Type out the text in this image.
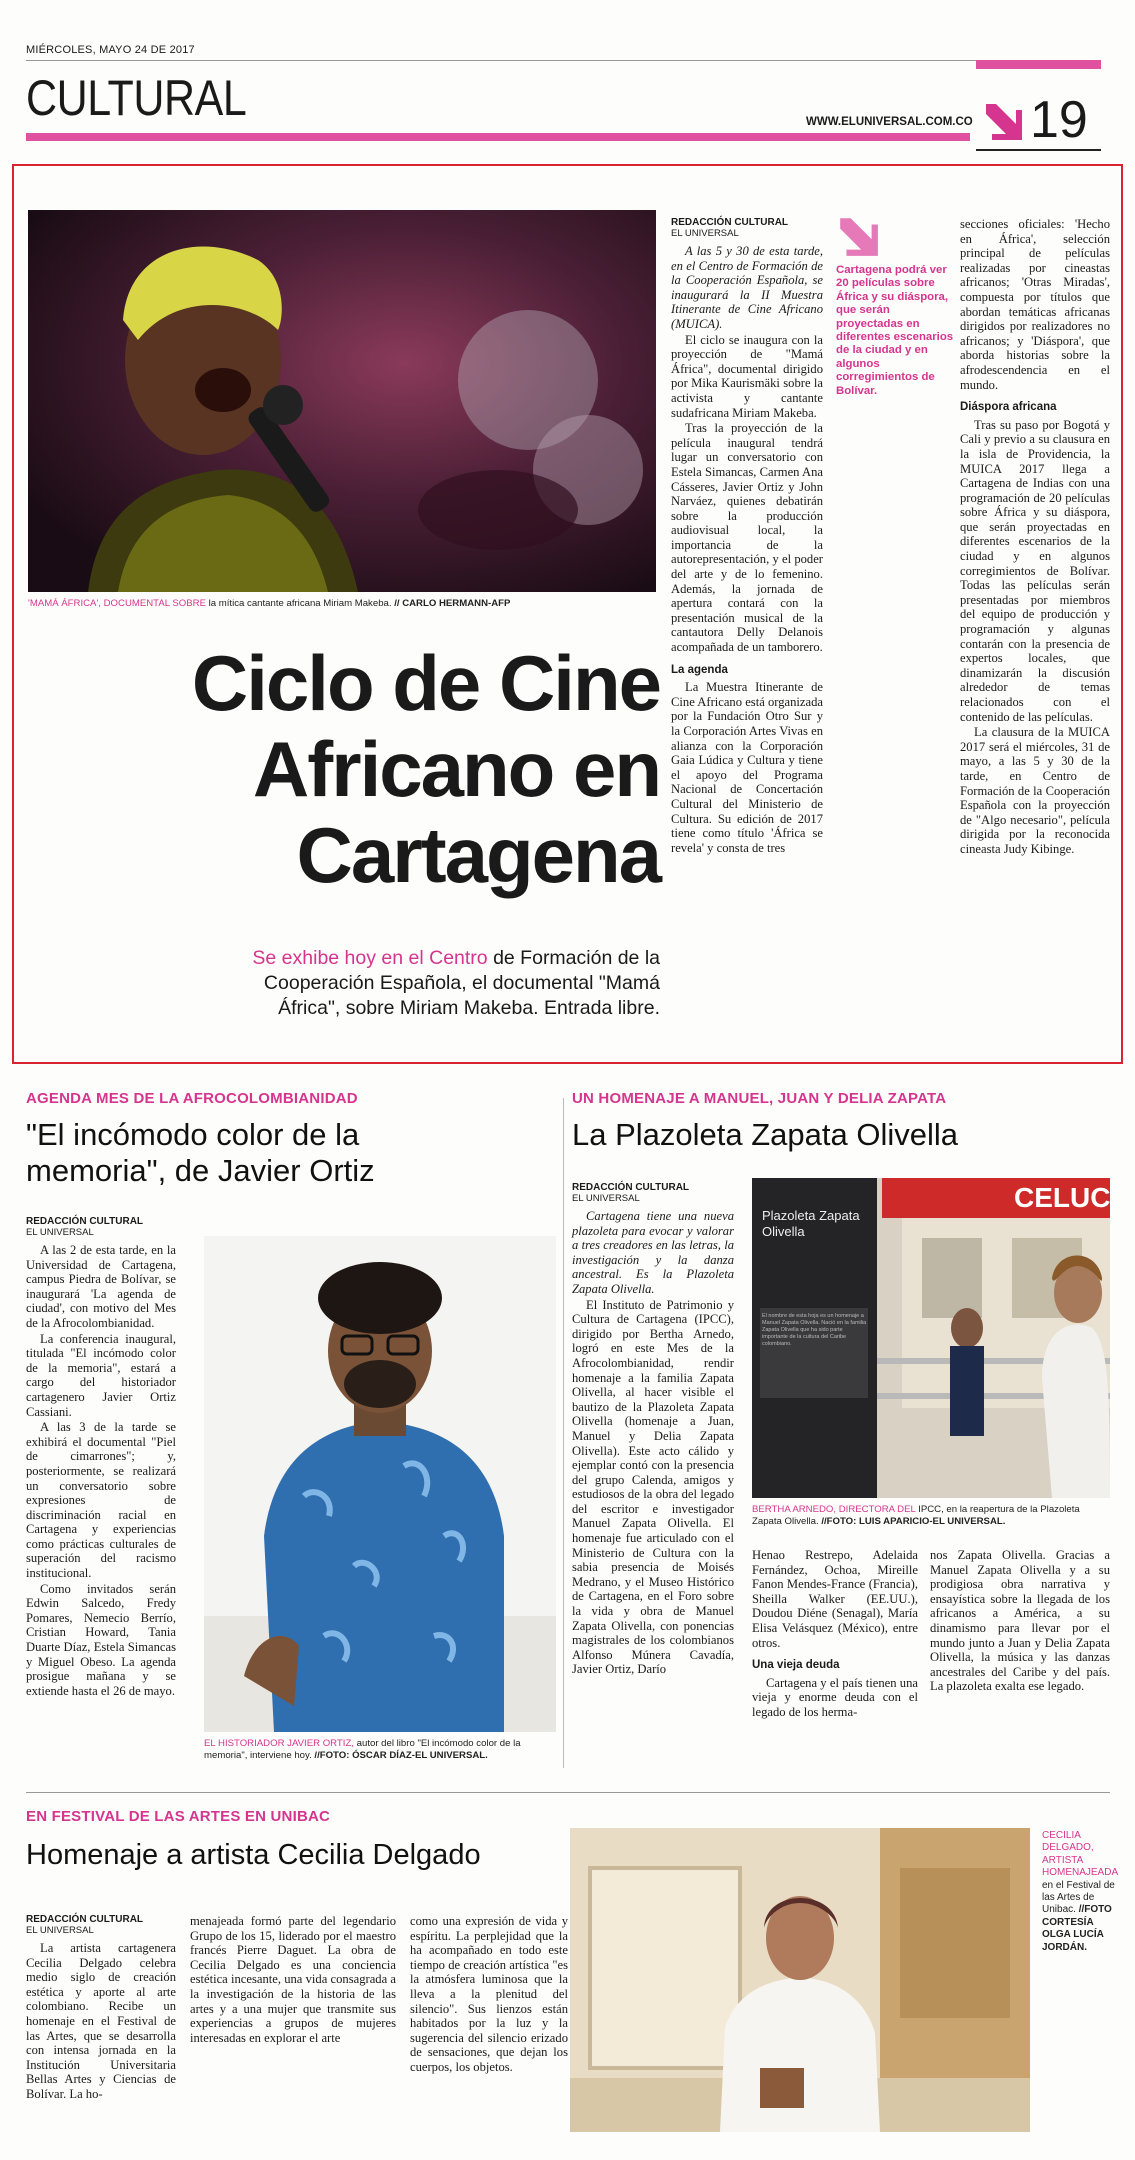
MIÉRCOLES, MAYO 24 DE 2017
CULTURAL	WWW.ELUNIVERSAL.COM.CO 19
'MAMÁ ÁFRICA', DOCUMENTAL SOBRE la mítica cantante africana Miriam Makeba. // CARLO HERMANN-AFP
Ciclo de Cine
Africano en
Cartagena
Se exhibe hoy en el Centro de Formación de la Cooperación Española, el documental "Mamá África", sobre Miriam Makeba. Entrada libre.
REDACCIÓN CULTURAL
EL UNIVERSAL

A las 5 y 30 de esta tarde, en el Centro de Formación de la Cooperación Española, se inaugurará la II Muestra Itinerante de Cine Africano (MUICA).

El ciclo se inaugura con la proyección de "Mamá África", documental dirigido por Mika Kaurismäki sobre la activista y cantante sudafricana Miriam Makeba.

Tras la proyección de la película inaugural tendrá lugar un conversatorio con Estela Simancas, Carmen Ana Cásseres, Javier Ortiz y John Narváez, quienes debatirán sobre la producción audiovisual local, la importancia de la autorepresentación, y el poder del arte y de lo femenino. Además, la jornada de apertura contará con la presentación musical de la cantautora Delly Delanois acompañada de un tamborero.

La agenda

La Muestra Itinerante de Cine Africano está organizada por la Fundación Otro Sur y la Corporación Artes Vivas en alianza con la Corporación Gaia Lúdica y Cultura y tiene el apoyo del Programa Nacional de Concertación Cultural del Ministerio de Cultura. Su edición de 2017 tiene como título 'África se revela' y consta de tres

Cartagena podrá ver 20 películas sobre África y su diáspora, que serán proyectadas en diferentes escenarios de la ciudad y en algunos corregimientos de Bolívar.

secciones oficiales: 'Hecho en África', selección principal de películas realizadas por cineastas africanos; 'Otras Miradas', compuesta por títulos que abordan temáticas africanas dirigidos por realizadores no africanos; y 'Diáspora', que aborda historias sobre la afrodescendencia en el mundo.

Diáspora africana

Tras su paso por Bogotá y Cali y previo a su clausura en la isla de Providencia, la MUICA 2017 llega a Cartagena de Indias con una programación de 20 películas sobre África y su diáspora, que serán proyectadas en diferentes escenarios de la ciudad y en algunos corregimientos de Bolívar. Todas las películas serán presentadas por miembros del equipo de producción y programación y algunas contarán con la presencia de expertos locales, que dinamizarán la discusión alrededor de temas relacionados con el contenido de las películas.

La clausura de la MUICA 2017 será el miércoles, 31 de mayo, a las 5 y 30 de la tarde, en Centro de Formación de la Cooperación Española con la proyección de "Algo necesario", película dirigida por la reconocida cineasta Judy Kibinge.

AGENDA MES DE LA AFROCOLOMBIANIDAD
"El incómodo color de la memoria", de Javier Ortiz
REDACCIÓN CULTURAL
EL UNIVERSAL

A las 2 de esta tarde, en la Universidad de Cartagena, campus Piedra de Bolívar, se inaugurará 'La agenda de ciudad', con motivo del Mes de la Afrocolombianidad.

La conferencia inaugural, titulada "El incómodo color de la memoria", estará a cargo del historiador cartagenero Javier Ortiz Cassiani.

A las 3 de la tarde se exhibirá el documental "Piel de cimarrones"; y, posteriormente, se realizará un conversatorio sobre expresiones de discriminación racial en Cartagena y experiencias como prácticas culturales de superación del racismo institucional.

Como invitados serán Edwin Salcedo, Fredy Pomares, Nemecio Berrío, Cristian Howard, Tania Duarte Díaz, Estela Simancas y Miguel Obeso. La agenda prosigue mañana y se extiende hasta el 26 de mayo.

EL HISTORIADOR JAVIER ORTIZ, autor del libro "El incómodo color de la memoria", interviene hoy. //FOTO: ÓSCAR DÍAZ-EL UNIVERSAL.
UN HOMENAJE A MANUEL, JUAN Y DELIA ZAPATA
La Plazoleta Zapata Olivella
REDACCIÓN CULTURAL
EL UNIVERSAL

Cartagena tiene una nueva plazoleta para evocar y valorar a tres creadores en las letras, la investigación y la danza ancestral. Es la Plazoleta Zapata Olivella.

El Instituto de Patrimonio y Cultura de Cartagena (IPCC), dirigido por Bertha Arnedo, logró en este Mes de la Afrocolombianidad, rendir homenaje a la familia Zapata Olivella, al hacer visible el bautizo de la Plazoleta Zapata Olivella (homenaje a Juan, Manuel y Delia Zapata Olivella). Este acto cálido y ejemplar contó con la presencia del grupo Calenda, amigos y estudiosos de la obra del legado del escritor e investigador Manuel Zapata Olivella. El homenaje fue articulado con el Ministerio de Cultura con la sabia presencia de Moisés Medrano, y el Museo Histórico de Cartagena, en el Foro sobre la vida y obra de Manuel Zapata Olivella, con ponencias magistrales de los colombianos Alfonso Múnera Cavadía, Javier Ortiz, Darío

Plazoleta Zapata Olivella
El nombre de esta hoja es un homenaje a Manuel Zapata Olivella. Nació en la familia Zapata Olivella que ha sido parte importante de la cultura del Caribe colombiano.
CELUC
BERTHA ARNEDO, DIRECTORA DEL IPCC, en la reapertura de la Plazoleta Zapata Olivella. //FOTO: LUIS APARICIO-EL UNIVERSAL.

Henao Restrepo, Adelaida Fernández, Ochoa, Mireille Fanon Mendes-France (Francia), Sheilla Walker (EE.UU.), Doudou Diéne (Senagal), María Elisa Velásquez (México), entre otros.

Una vieja deuda

Cartagena y el país tienen una vieja y enorme deuda con el legado de los herma-

nos Zapata Olivella. Gracias a Manuel Zapata Olivella y a su prodigiosa obra narrativa y ensayística sobre la llegada de los africanos a América, a su dinamismo para llevar por el mundo junto a Juan y Delia Zapata Olivella, la música y las danzas ancestrales del Caribe y del país. La plazoleta exalta ese legado.

EN FESTIVAL DE LAS ARTES EN UNIBAC
Homenaje a artista Cecilia Delgado
REDACCIÓN CULTURAL
EL UNIVERSAL

La artista cartagenera Cecilia Delgado celebra medio siglo de creación estética y aporte al arte colombiano. Recibe un homenaje en el Festival de las Artes, que se desarrolla con intensa jornada en la Institución Universitaria Bellas Artes y Ciencias de Bolívar. La ho-

menajeada formó parte del legendario Grupo de los 15, liderado por el maestro francés Pierre Daguet. La obra de Cecilia Delgado es una conciencia estética incesante, una vida consagrada a la investigación de la historia de las artes y a una mujer que transmite sus experiencias a grupos de mujeres interesadas en explorar el arte

como una expresión de vida y espíritu. La perplejidad que la ha acompañado en todo este tiempo de creación artística "es la atmósfera luminosa que la lleva a la plenitud del silencio". Sus lienzos están habitados por la luz y la sugerencia del silencio erizado de sensaciones, que dejan los cuerpos, los objetos.

CECILIA DELGADO, ARTISTA HOMENAJEADA en el Festival de las Artes de Unibac. //FOTO CORTESÍA OLGA LUCÍA JORDÁN.
